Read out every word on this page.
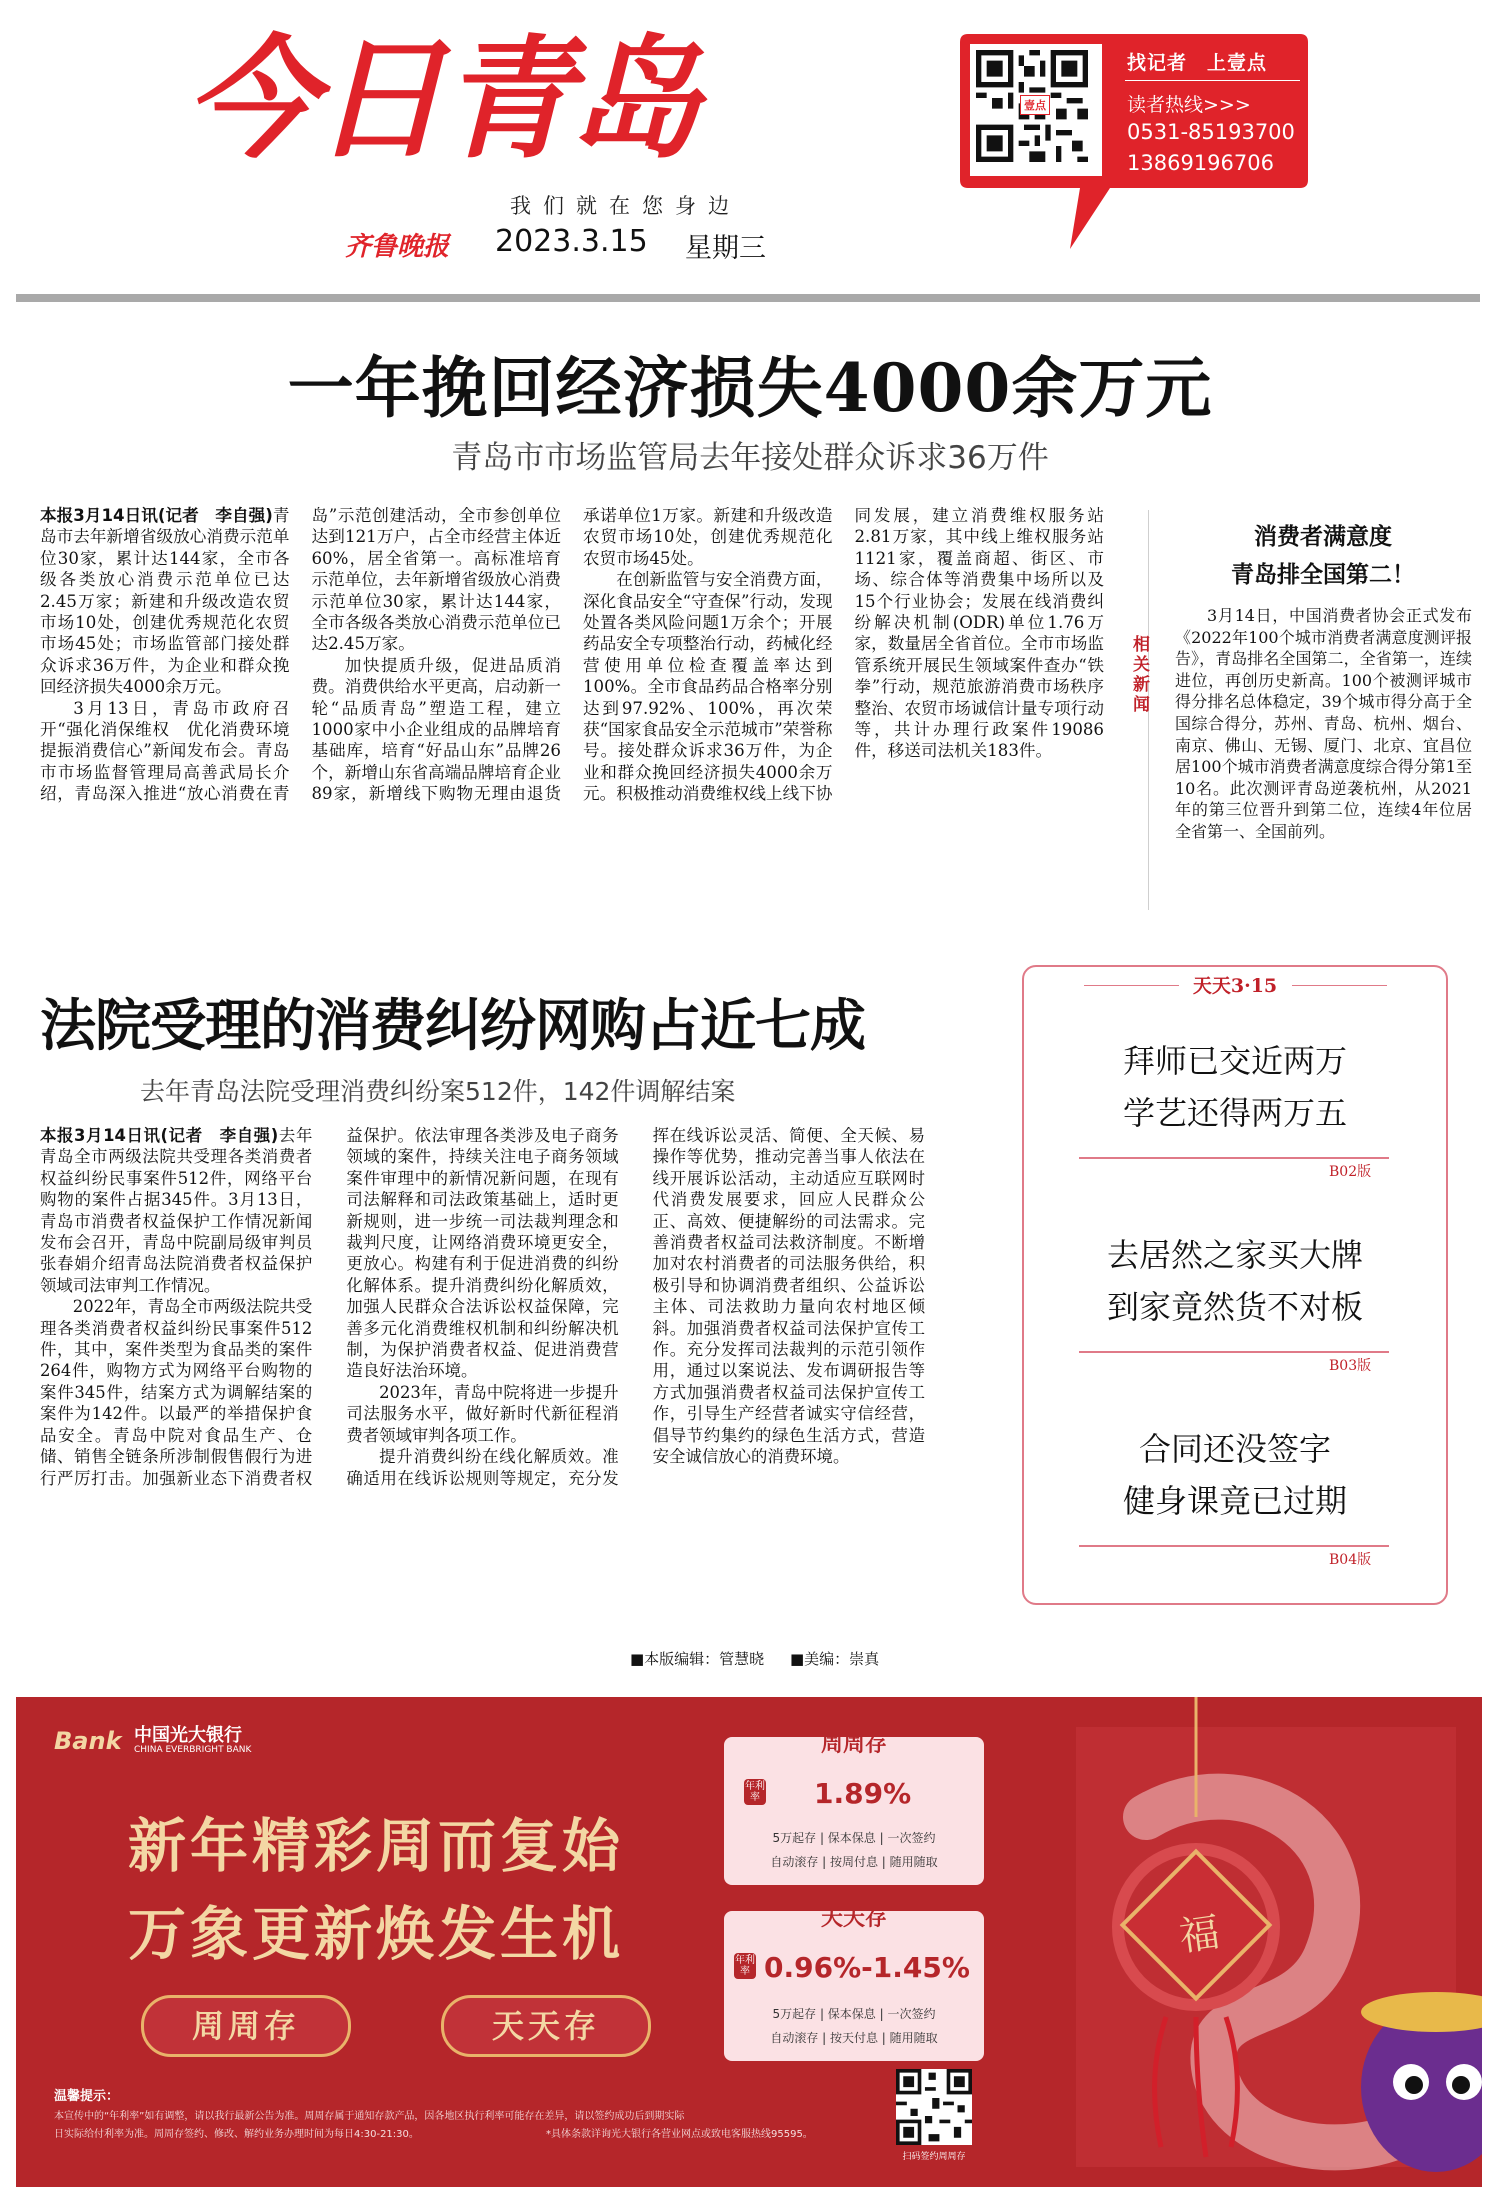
今日青岛
我们就在您身边
齐鲁晚报 2023.3.15 星期三
壹点
找记者　上壹点
读者热线>>>
0531-85193700
13869196706
一年挽回经济损失4000余万元
青岛市市场监管局去年接处群众诉求36万件

本报3月14日讯(记者　李自强)青岛市去年新增省级放心消费示范单位30家，累计达144家，全市各级各类放心消费示范单位已达2.45万家；新建和升级改造农贸市场10处，创建优秀规范化农贸市场45处；市场监管部门接处群众诉求36万件，为企业和群众挽回经济损失4000余万元。

3月13日，青岛市政府召开“强化消保维权　优化消费环境　提振消费信心”新闻发布会。青岛市市场监督管理局高善武局长介绍，青岛深入推进“放心消费在青岛”示范创建活动，全市参创单位达到121万户，占全市经营主体近60%，居全省第一。高标准培育示范单位，去年新增省级放心消费示范单位30家，累计达144家，全市各级各类放心消费示范单位已达2.45万家。

加快提质升级，促进品质消费。消费供给水平更高，启动新一轮“品质青岛”塑造工程，建立1000家中小企业组成的品牌培育基础库，培育“好品山东”品牌26个，新增山东省高端品牌培育企业89家，新增线下购物无理由退货承诺单位1万家。新建和升级改造农贸市场10处，创建优秀规范化农贸市场45处。

在创新监管与安全消费方面，深化食品安全“守查保”行动，发现处置各类风险问题1万余个；开展药品安全专项整治行动，药械化经营使用单位检查覆盖率达到100%。全市食品药品合格率分别达到97.92%、100%，再次荣获“国家食品安全示范城市”荣誉称号。接处群众诉求36万件，为企业和群众挽回经济损失4000余万元。积极推动消费维权线上线下协同发展，建立消费维权服务站2.81万家，其中线上维权服务站1121家，覆盖商超、街区、市场、综合体等消费集中场所以及15个行业协会；发展在线消费纠纷解决机制(ODR)单位1.76万家，数量居全省首位。全市市场监管系统开展民生领域案件查办“铁拳”行动，规范旅游消费市场秩序整治、农贸市场诚信计量专项行动等，共计办理行政案件19086件，移送司法机关183件。

相关新闻
消费者满意度
青岛排全国第二！

3月14日，中国消费者协会正式发布《2022年100个城市消费者满意度测评报告》，青岛排名全国第二，全省第一，连续进位，再创历史新高。100个被测评城市得分排名总体稳定，39个城市得分高于全国综合得分，苏州、青岛、杭州、烟台、南京、佛山、无锡、厦门、北京、宜昌位居100个城市消费者满意度综合得分第1至10名。此次测评青岛逆袭杭州，从2021年的第三位晋升到第二位，连续4年位居全省第一、全国前列。

法院受理的消费纠纷网购占近七成
去年青岛法院受理消费纠纷案512件，142件调解结案

本报3月14日讯(记者　李自强)去年青岛全市两级法院共受理各类消费者权益纠纷民事案件512件，网络平台购物的案件占据345件。3月13日，青岛市消费者权益保护工作情况新闻发布会召开，青岛中院副局级审判员张春娟介绍青岛法院消费者权益保护领域司法审判工作情况。

2022年，青岛全市两级法院共受理各类消费者权益纠纷民事案件512件，其中，案件类型为食品类的案件264件，购物方式为网络平台购物的案件345件，结案方式为调解结案的案件为142件。以最严的举措保护食品安全。青岛中院对食品生产、仓储、销售全链条所涉制假售假行为进行严厉打击。加强新业态下消费者权益保护。依法审理各类涉及电子商务领域的案件，持续关注电子商务领域案件审理中的新情况新问题，在现有司法解释和司法政策基础上，适时更新规则，进一步统一司法裁判理念和裁判尺度，让网络消费环境更安全，更放心。构建有利于促进消费的纠纷化解体系。提升消费纠纷化解质效，加强人民群众合法诉讼权益保障，完善多元化消费维权机制和纠纷解决机制，为保护消费者权益、促进消费营造良好法治环境。

2023年，青岛中院将进一步提升司法服务水平，做好新时代新征程消费者领域审判各项工作。

提升消费纠纷在线化解质效。准确适用在线诉讼规则等规定，充分发挥在线诉讼灵活、简便、全天候、易操作等优势，推动完善当事人依法在线开展诉讼活动，主动适应互联网时代消费发展要求，回应人民群众公正、高效、便捷解纷的司法需求。完善消费者权益司法救济制度。不断增加对农村消费者的司法服务供给，积极引导和协调消费者组织、公益诉讼主体、司法救助力量向农村地区倾斜。加强消费者权益司法保护宣传工作。充分发挥司法裁判的示范引领作用，通过以案说法、发布调研报告等方式加强消费者权益司法保护宣传工作，引导生产经营者诚实守信经营，倡导节约集约的绿色生活方式，营造安全诚信放心的消费环境。

天天3·15
拜师已交近两万
学艺还得两万五
B02版
去居然之家买大牌
到家竟然货不对板
B03版
合同还没签字
健身课竟已过期
B04版
■本版编辑：管慧晓 ■美编：崇真
福
Bank 中国光大银行
CHINA EVERBRIGHT BANK
新年精彩周而复始
万象更新焕发生机
周周存	天天存
周周存
年利率 1.89%
5万起存 | 保本保息 | 一次签约
自动滚存 | 按周付息 | 随用随取
天天存
年利率 0.96%-1.45%
5万起存 | 保本保息 | 一次签约
自动滚存 | 按天付息 | 随用随取
扫码签约周周存
温馨提示：
本宣传中的“年利率”如有调整，请以我行最新公告为准。周周存属于通知存款产品，因各地区执行利率可能存在差异，请以签约成功后到期实际
日实际给付利率为准。周周存签约、修改、解约业务办理时间为每日4:30-21:30。	*具体条款详询光大银行各营业网点或致电客服热线95595。
